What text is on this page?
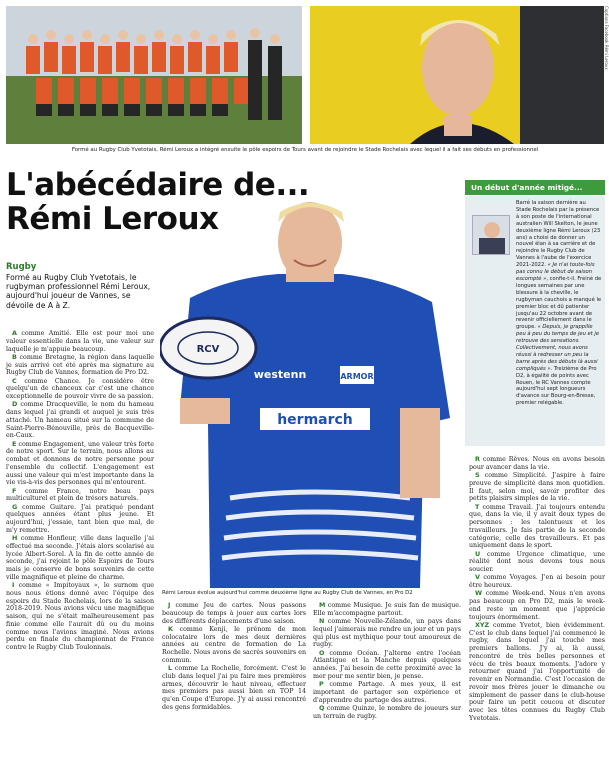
Formé au Rugby Club Yvetotais, Rémi Leroux a intégré ensuite le pôle espoirs de Tours avant de rejoindre le Stade Rochelais avec lequel il a fait ses débuts en professionnel
Captions Facebook Rémi Leroux
L'abécédaire de...
Rémi Leroux
Rugby
Formé au Rugby Club Yvetotais, le rugbyman professionnel Rémi Leroux, aujourd'hui joueur de Vannes, se dévoile de A à Z.
hermarch
westenn	ARMOR
RCV
Rémi Leroux évolue aujourd'hui comme deuxième ligne au Rugby Club de Vannes, en Pro D2
Un début d'année mitigé...
Barré la saison dernière au Stade Rochelais par la présence à son poste de l'international australien Will Skelton, le jeune deuxième ligne Rémi Leroux (23 ans) a choisi de donner un nouvel élan à sa carrière et de rejoindre le Rugby Club de Vannes à l'aube de l'exercice 2021-2022. « Je n'ai toute-fois pas connu le début de saison escompté », confie-t-il. Freiné de longues semaines par une blessure à la cheville, le rugbyman cauchois a manqué le premier bloc et dû patienter jusqu'au 22 octobre avant de revenir officiellement dans le groupe. « Depuis, je grappille peu à peu du temps de jeu et je retrouve des sensations. Collectivement, nous avons réussi à redresser un peu la barre après des débuts là aussi compliqués ». Treizième de Pro D2, à égalité de points avec Rouen, le RC Vannes compte aujourd'hui sept longueurs d'avance sur Bourg-en-Bresse, premier relégable.

A comme Amitié. Elle est pour moi une valeur essentielle dans la vie, une valeur sur laquelle je m'appuie beaucoup.

B comme Bretagne, la région dans laquelle je suis arrivé cet été après ma signature au Rugby Club de Vannes, formation de Pro D2.

C comme Chance. Je considère être quelqu'un de chanceux car c'est une chance exceptionnelle de pouvoir vivre de sa passion.

D comme Dracqueville, le nom du hameau dans lequel j'ai grandi et auquel je suis très attaché. Un hameau situé sur la commune de Saint-Pierre-Bénouville, près de Bacqueville-en-Caux.

E comme Engagement, une valeur très forte de notre sport. Sur le terrain, nous allons au combat et donnons de notre personne pour l'ensemble du collectif. L'engagement est aussi une valeur qui m'est importante dans la vie vis-à-vis des personnes qui m'entourent.

F comme France, notre beau pays multiculturel et plein de trésors naturels.

G comme Guitare. J'ai pratiqué pendant quelques années étant plus jeune. Et aujourd'hui, j'essaie, tant bien que mal, de m'y remettre.

H comme Honfleur, ville dans laquelle j'ai effectué ma seconde. J'étais alors scolarisé au lycée Albert-Sorel. À la fin de cette année de seconde, j'ai rejoint le pôle Espoirs de Tours mais je conserve de bons souvenirs de cette ville magnifique et pleine de charme.

I comme « Impitoyaux », le surnom que nous nous étions donné avec l'équipe des espoirs du Stade Rochelais, lors de la saison 2018-2019. Nous avions vécu une magnifique saison, qui ne s'était malheureusement pas finie comme elle l'aurait dû ou du moins comme nous l'avions imaginé. Nous avions perdu en finale du championnat de France contre le Rugby Club Toulonnais.

J comme Jeu de cartes. Nous passons beaucoup de temps à jouer aux cartes lors des différents déplacements d'une saison.

K comme Kenji, le prénom de mon colocataire lors de mes deux dernières années au centre de formation de La Rochelle. Nous avons de sacrés souvenirs en commun.

L comme La Rochelle, forcément. C'est le club dans lequel j'ai pu faire mes premières armes, découvrir le haut niveau, effectuer mes premiers pas aussi bien en TOP 14 qu'en Coupe d'Europe. J'y ai aussi rencontré des gens formidables.

M comme Musique. Je suis fan de musique. Elle m'accompagne partout.

N comme Nouvelle-Zélande, un pays dans lequel j'aimerais me rendre un jour et un pays qui plus est mythique pour tout amoureux de rugby.

O comme Océan. J'alterne entre l'océan Atlantique et la Manche depuis quelques années. J'ai besoin de cette proximité avec la mer pour me sentir bien, je pense.

P comme Partage. A mes yeux, il est important de partager son expérience et d'apprendre du partage des autres.

Q comme Quinze, le nombre de joueurs sur un terrain de rugby.

R comme Rêves. Nous en avons besoin pour avancer dans la vie.

S comme Simplicité. J'aspire à faire preuve de simplicité dans mon quotidien. Il faut, selon moi, savoir profiter des petits plaisirs simples de la vie.

T comme Travail. J'ai toujours entendu que, dans la vie, il y avait deux types de personnes : les talentueux et les travailleurs. Je fais partie de la seconde catégorie, celle des travailleurs. Et pas uniquement dans le sport.

U comme Urgence climatique, une réalité dont nous devons tous nous soucier.

V comme Voyages. J'en ai besoin pour être heureux.

W comme Week-end. Nous n'en avons pas beaucoup en Pro D2, mais le week-end reste un moment que j'apprécie toujours énormément.

XYZ comme Yvetot, bien évidemment. C'est le club dans lequel j'ai commencé le rugby, dans lequel j'ai touché mes premiers ballons. J'y ai, là aussi, rencontré de très belles personnes et vécu de très beaux moments. J'adore y retourner quand j'ai l'opportunité de revenir en Normandie. C'est l'occasion de revoir mes frères jouer le dimanche ou simplement de passer dans le club-house pour faire un petit coucou et discuter avec les têtes connues du Rugby Club Yvetotais.
